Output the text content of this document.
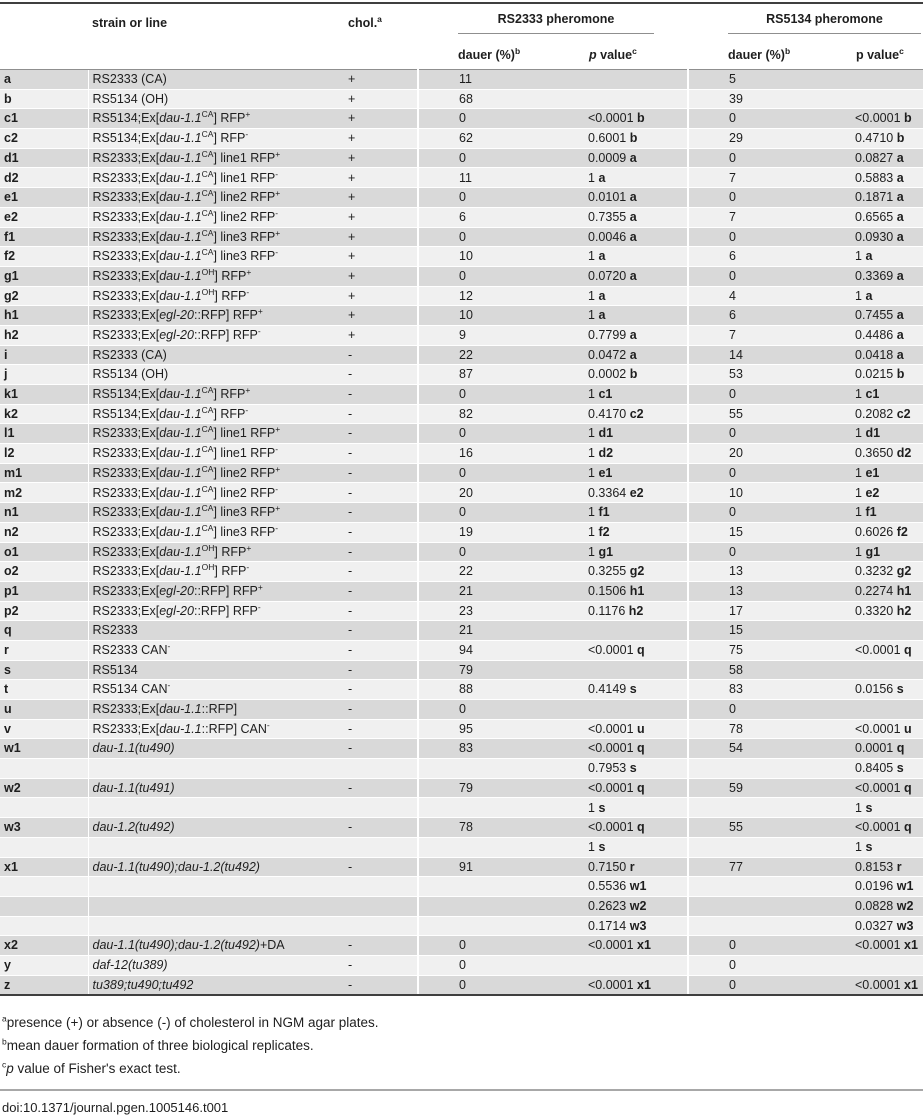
	strain or line	chol.$^a$	RS2333 pheromone		RS5134 pheromone	

			dauer (%)$^b$	p value$^c$	dauer (%)$^b$	p value$^c$
a	RS2333 (CA)	+	11		5	
b	RS5134 (OH)	+	68		39	
c1	$RS5134;Ex[dau-1.1^{CA}]$ RFP+	+	0	<0.0001 b	0	<0.0001 b
c2	$RS5134;Ex[dau-1.1^{CA}]$ RFP-	+	62	0.6001 b	29	0.4710 b
d1	$RS2333;Ex[dau-1.1^{CA}]$ line1 RFP+	+	0	0.0009 a	0	0.0827 a
d2	$RS2333;Ex[dau-1.1^{CA}]$ line1 RFP-	+	11	1 a	7	0.5883 a
e1	$RS2333;Ex[dau-1.1^{CA}]$ line2 RFP+	+	0	0.0101 a	0	0.1871 a
e2	$RS2333;Ex[dau-1.1^{CA}]$ line2 RFP-	+	6	0.7355 a	7	0.6565 a
f1	$RS2333;Ex[dau-1.1^{CA}]$ line3 RFP+	+	0	0.0046 a	0	0.0930 a
f2	$RS2333;Ex[dau-1.1^{CA}]$ line3 RFP-	+	10	1 a	6	1 a
g1	$RS2333;Ex[dau-1.1^{OH}]$ RFP+	+	0	0.0720 a	0	0.3369 a
g2	$RS2333;Ex[dau-1.1^{OH}]$ RFP-	+	12	1 a	4	1 a
h1	RS2333;Ex[egl-20::RFP] RFP+	+	10	1 a	6	0.7455 a
h2	RS2333;Ex[egl-20::RFP] RFP-	+	9	0.7799 a	7	0.4486 a
i	RS2333 (CA)	-	22	0.0472 a	14	0.0418 a
j	RS5134 (OH)	-	87	0.0002 b	53	0.0215 b
k1	$RS5134;Ex[dau-1.1^{CA}]$ RFP+	-	0	1 c1	0	1 c1
k2	$RS5134;Ex[dau-1.1^{CA}]$ RFP-	-	82	0.4170 c2	55	0.2082 c2
l1	$RS2333;Ex[dau-1.1^{CA}]$ line1 RFP+	-	0	1 d1	0	1 d1
l2	$RS2333;Ex[dau-1.1^{CA}]$ line1 RFP-	-	16	1 d2	20	0.3650 d2
m1	$RS2333;Ex[dau-1.1^{CA}]$ line2 RFP+	-	0	1 e1	0	1 e1
m2	$RS2333;Ex[dau-1.1^{CA}]$ line2 RFP-	-	20	0.3364 e2	10	1 e2
n1	$RS2333;Ex[dau-1.1^{CA}]$ line3 RFP+	-	0	1 f1	0	1 f1
n2	$RS2333;Ex[dau-1.1^{CA}]$ line3 RFP-	-	19	1 f2	15	0.6026 f2
o1	$RS2333;Ex[dau-1.1^{OH}]$ RFP+	-	0	1 g1	0	1 g1
o2	$RS2333;Ex[dau-1.1^{OH}]$ RFP-	-	22	0.3255 g2	13	0.3232 g2
p1	RS2333;Ex[egl-20::RFP] RFP+	-	21	0.1506 h1	13	0.2274 h1
p2	RS2333;Ex[egl-20::RFP] RFP-	-	23	0.1176 h2	17	0.3320 h2
q	RS2333	-	21		15	
r	RS2333 CAN-	-	94	<0.0001 q	75	<0.0001 q
s	RS5134	-	79		58	
t	RS5134 CAN-	-	88	0.4149 s	83	0.0156 s
u	RS2333;Ex[dau-1.1::RFP]	-	0		0	
v	RS2333;Ex[dau-1.1::RFP] CAN-	-	95	<0.0001 u	78	<0.0001 u
w1	dau-1.1(tu490)	-	83	<0.0001 q	54	0.0001 q
				0.7953 s		0.8405 s
w2	dau-1.1(tu491)	-	79	<0.0001 q	59	<0.0001 q
				1 s		1 s
w3	dau-1.2(tu492)	-	78	<0.0001 q	55	<0.0001 q
				1 s		1 s
x1	dau-1.1(tu490);dau-1.2(tu492)	-	91	0.7150 r	77	0.8153 r
				0.5536 w1		0.0196 w1
				0.2623 w2		0.0828 w2
				0.1714 w3		0.0327 w3
x2	dau-1.1(tu490);dau-1.2(tu492)+DA	-	0	<0.0001 x1	0	<0.0001 x1
y	daf-12(tu389)	-	0		0	
z	tu389;tu490;tu492	-	0	<0.0001 x1	0	<0.0001 x1
$^a$presence (+) or absence (-) of cholesterol in NGM agar plates.
$^b$mean dauer formation of three biological replicates.
$^c$p value of Fisher's exact test.
doi:10.1371/journal.pgen.1005146.t001
